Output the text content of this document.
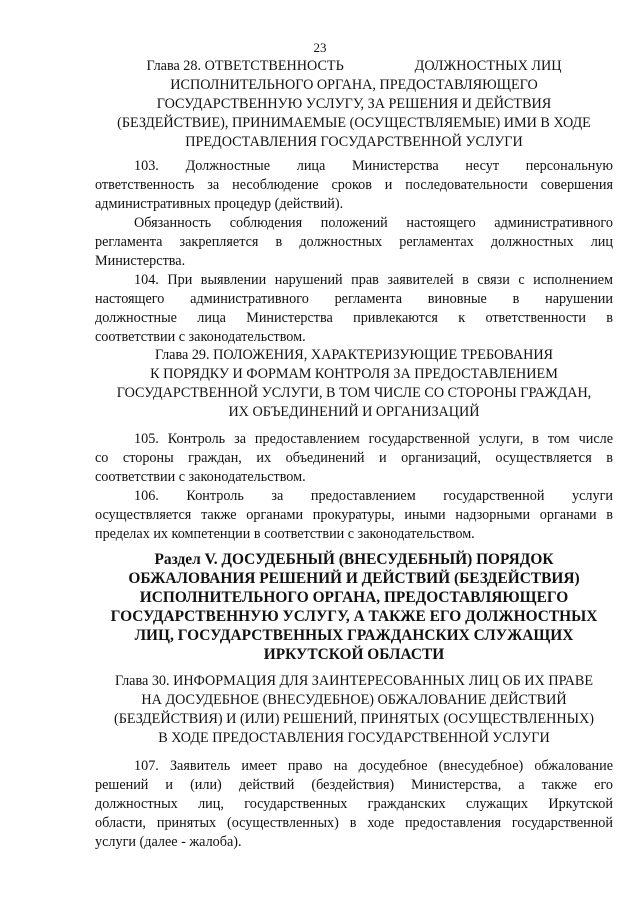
23

Глава 28. ОТВЕТСТВЕННОСТЬ                    ДОЛЖНОСТНЫХ ЛИЦ
ИСПОЛНИТЕЛЬНОГО ОРГАНА, ПРЕДОСТАВЛЯЮЩЕГО
ГОСУДАРСТВЕННУЮ УСЛУГУ, ЗА РЕШЕНИЯ И ДЕЙСТВИЯ
(БЕЗДЕЙСТВИЕ), ПРИНИМАЕМЫЕ (ОСУЩЕСТВЛЯЕМЫЕ) ИМИ В ХОДЕ
ПРЕДОСТАВЛЕНИЯ ГОСУДАРСТВЕННОЙ УСЛУГИ

103. Должностные лица Министерства несут персональную
ответственность за несоблюдение сроков и последовательности совершения
административных процедур (действий).

Обязанность соблюдения положений настоящего административного
регламента закрепляется в должностных регламентах должностных лиц
Министерства.

104. При выявлении нарушений прав заявителей в связи с исполнением
настоящего административного регламента виновные в нарушении
должностные лица Министерства привлекаются к ответственности в
соответствии с законодательством.

Глава 29. ПОЛОЖЕНИЯ, ХАРАКТЕРИЗУЮЩИЕ ТРЕБОВАНИЯ
К ПОРЯДКУ И ФОРМАМ КОНТРОЛЯ ЗА ПРЕДОСТАВЛЕНИЕМ
ГОСУДАРСТВЕННОЙ УСЛУГИ, В ТОМ ЧИСЛЕ СО СТОРОНЫ ГРАЖДАН,
ИХ ОБЪЕДИНЕНИЙ И ОРГАНИЗАЦИЙ

105. Контроль за предоставлением государственной услуги, в том числе
со стороны граждан, их объединений и организаций, осуществляется в
соответствии с законодательством.

106. Контроль за предоставлением государственной услуги
осуществляется также органами прокуратуры, иными надзорными органами в
пределах их компетенции в соответствии с законодательством.

Раздел V. ДОСУДЕБНЫЙ (ВНЕСУДЕБНЫЙ) ПОРЯДОК
ОБЖАЛОВАНИЯ РЕШЕНИЙ И ДЕЙСТВИЙ (БЕЗДЕЙСТВИЯ)
ИСПОЛНИТЕЛЬНОГО ОРГАНА, ПРЕДОСТАВЛЯЮЩЕГО
ГОСУДАРСТВЕННУЮ УСЛУГУ, А ТАКЖЕ ЕГО ДОЛЖНОСТНЫХ
ЛИЦ, ГОСУДАРСТВЕННЫХ ГРАЖДАНСКИХ СЛУЖАЩИХ
ИРКУТСКОЙ ОБЛАСТИ

Глава 30. ИНФОРМАЦИЯ ДЛЯ ЗАИНТЕРЕСОВАННЫХ ЛИЦ ОБ ИХ ПРАВЕ
НА ДОСУДЕБНОЕ (ВНЕСУДЕБНОЕ) ОБЖАЛОВАНИЕ ДЕЙСТВИЙ
(БЕЗДЕЙСТВИЯ) И (ИЛИ) РЕШЕНИЙ, ПРИНЯТЫХ (ОСУЩЕСТВЛЕННЫХ)
В ХОДЕ ПРЕДОСТАВЛЕНИЯ ГОСУДАРСТВЕННОЙ УСЛУГИ

107. Заявитель имеет право на досудебное (внесудебное) обжалование
решений и (или) действий (бездействия) Министерства, а также его
должностных лиц, государственных гражданских служащих Иркутской
области, принятых (осуществленных) в ходе предоставления государственной
услуги (далее - жалоба).
